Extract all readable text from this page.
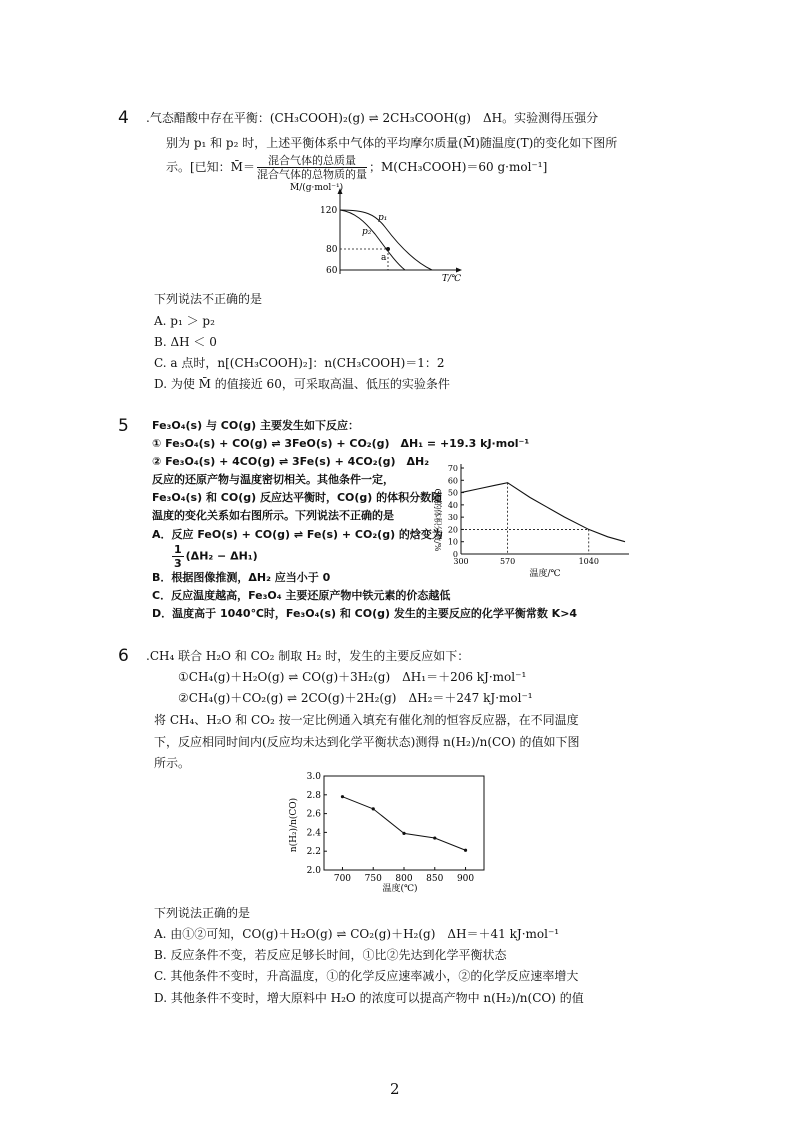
4 .气态醋酸中存在平衡：(CH₃COOH)₂(g) ⇌ 2CH₃COOH(g)　ΔH。实验测得压强分
别为 p₁ 和 p₂ 时，上述平衡体系中气体的平均摩尔质量(M̄)随温度(T)的变化如下图所
示。[已知：M̄＝ $\frac{\text{混合气体的总质量}}{\text{混合气体的总物质的量}}$ ；M(CH₃COOH)＝60 g·mol⁻¹]
M̄/(g·mol⁻¹)
T/℃
120
80
60
p₁
p₂
a
下列说法不正确的是
A. p₁ ＞ p₂
B. ΔH ＜ 0
C. a 点时，n[(CH₃COOH)₂]：n(CH₃COOH)＝1：2
D. 为使 M̄ 的值接近 60，可采取高温、低压的实验条件
5 Fe₃O₄(s) 与 CO(g) 主要发生如下反应：
① Fe₃O₄(s) + CO(g) ⇌ 3FeO(s) + CO₂(g)　ΔH₁ = +19.3 kJ·mol⁻¹
② Fe₃O₄(s) + 4CO(g) ⇌ 3Fe(s) + 4CO₂(g)　ΔH₂
反应的还原产物与温度密切相关。其他条件一定，
Fe₃O₄(s) 和 CO(g) 反应达平衡时，CO(g) 的体积分数随
温度的变化关系如右图所示。下列说法不正确的是
A．反应 FeO(s) + CO(g) ⇌ Fe(s) + CO₂(g) 的焓变为
$\frac{1}{3} (\Delta H_2 - \Delta H_1)$
B．根据图像推测，ΔH₂ 应当小于 0
C．反应温度越高，Fe₃O₄ 主要还原产物中铁元素的价态越低
D．温度高于 1040℃时，Fe₃O₄(s) 和 CO(g) 发生的主要反应的化学平衡常数 K>4
CO的体积分数/%
温度/℃
0
10
20
30
40
50
60
70
300	570	1040
6 .CH₄ 联合 H₂O 和 CO₂ 制取 H₂ 时，发生的主要反应如下：
①CH₄(g)＋H₂O(g) ⇌ CO(g)＋3H₂(g)　ΔH₁＝＋206 kJ·mol⁻¹
②CH₄(g)＋CO₂(g) ⇌ 2CO(g)＋2H₂(g)　ΔH₂＝＋247 kJ·mol⁻¹
将 CH₄、H₂O 和 CO₂ 按一定比例通入填充有催化剂的恒容反应器，在不同温度
下，反应相同时间内(反应均未达到化学平衡状态)测得 n(H₂)/n(CO) 的值如下图
所示。
n(H₂)/n(CO)
温度(℃)
2.0
2.2
2.4
2.6
2.8
3.0
700 750 800 850 900
下列说法正确的是
A. 由①②可知，CO(g)＋H₂O(g) ⇌ CO₂(g)＋H₂(g)　ΔH＝＋41 kJ·mol⁻¹
B. 反应条件不变，若反应足够长时间，①比②先达到化学平衡状态
C. 其他条件不变时，升高温度，①的化学反应速率减小，②的化学反应速率增大
D. 其他条件不变时，增大原料中 H₂O 的浓度可以提高产物中 n(H₂)/n(CO) 的值
2
